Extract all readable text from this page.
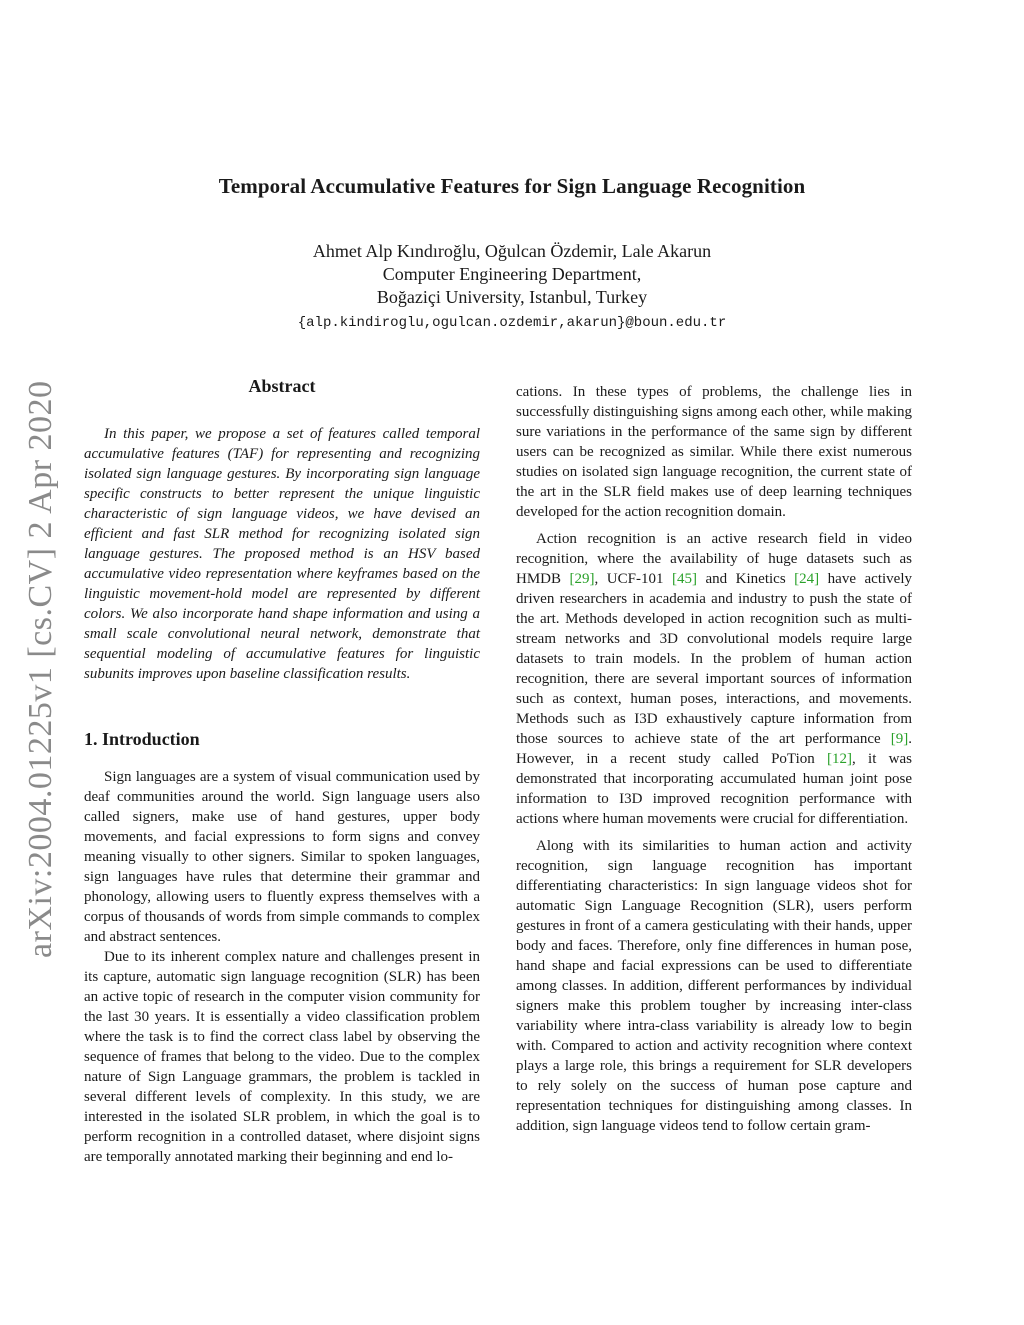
Temporal Accumulative Features for Sign Language Recognition
Ahmet Alp Kındıroğlu, Oğulcan Özdemir, Lale Akarun
Computer Engineering Department,
Boğaziçi University, Istanbul, Turkey
{alp.kindiroglu,ogulcan.ozdemir,akarun}@boun.edu.tr
arXiv:2004.01225v1 [cs.CV] 2 Apr 2020	Abstract

In this paper, we propose a set of features called temporal accumulative features (TAF) for representing and recognizing isolated sign language gestures. By incorporating sign language specific constructs to better represent the unique linguistic characteristic of sign language videos, we have devised an efficient and fast SLR method for recognizing isolated sign language gestures. The proposed method is an HSV based accumulative video representation where keyframes based on the linguistic movement-hold model are represented by different colors. We also incorporate hand shape information and using a small scale convolutional neural network, demonstrate that sequential modeling of accumulative features for linguistic subunits improves upon baseline classification results.

1. Introduction

Sign languages are a system of visual communication used by deaf communities around the world. Sign language users also called signers, make use of hand gestures, upper body movements, and facial expressions to form signs and convey meaning visually to other signers. Similar to spoken languages, sign languages have rules that determine their grammar and phonology, allowing users to fluently express themselves with a corpus of thousands of words from simple commands to complex and abstract sentences.

Due to its inherent complex nature and challenges present in its capture, automatic sign language recognition (SLR) has been an active topic of research in the computer vision community for the last 30 years. It is essentially a video classification problem where the task is to find the correct class label by observing the sequence of frames that belong to the video. Due to the complex nature of Sign Language grammars, the problem is tackled in several different levels of complexity. In this study, we are interested in the isolated SLR problem, in which the goal is to perform recognition in a controlled dataset, where disjoint signs are temporally annotated marking their beginning and end lo-

cations. In these types of problems, the challenge lies in successfully distinguishing signs among each other, while making sure variations in the performance of the same sign by different users can be recognized as similar. While there exist numerous studies on isolated sign language recognition, the current state of the art in the SLR field makes use of deep learning techniques developed for the action recognition domain.

Action recognition is an active research field in video recognition, where the availability of huge datasets such as HMDB [29], UCF-101 [45] and Kinetics [24] have actively driven researchers in academia and industry to push the state of the art. Methods developed in action recognition such as multi-stream networks and 3D convolutional models require large datasets to train models. In the problem of human action recognition, there are several important sources of information such as context, human poses, interactions, and movements. Methods such as I3D exhaustively capture information from those sources to achieve state of the art performance [9]. However, in a recent study called PoTion [12], it was demonstrated that incorporating accumulated human joint pose information to I3D improved recognition performance with actions where human movements were crucial for differentiation.

Along with its similarities to human action and activity recognition, sign language recognition has important differentiating characteristics: In sign language videos shot for automatic Sign Language Recognition (SLR), users perform gestures in front of a camera gesticulating with their hands, upper body and faces. Therefore, only fine differences in human pose, hand shape and facial expressions can be used to differentiate among classes. In addition, different performances by individual signers make this problem tougher by increasing inter-class variability where intra-class variability is already low to begin with. Compared to action and activity recognition where context plays a large role, this brings a requirement for SLR developers to rely solely on the success of human pose capture and representation techniques for distinguishing among classes. In addition, sign language videos tend to follow certain gram-
